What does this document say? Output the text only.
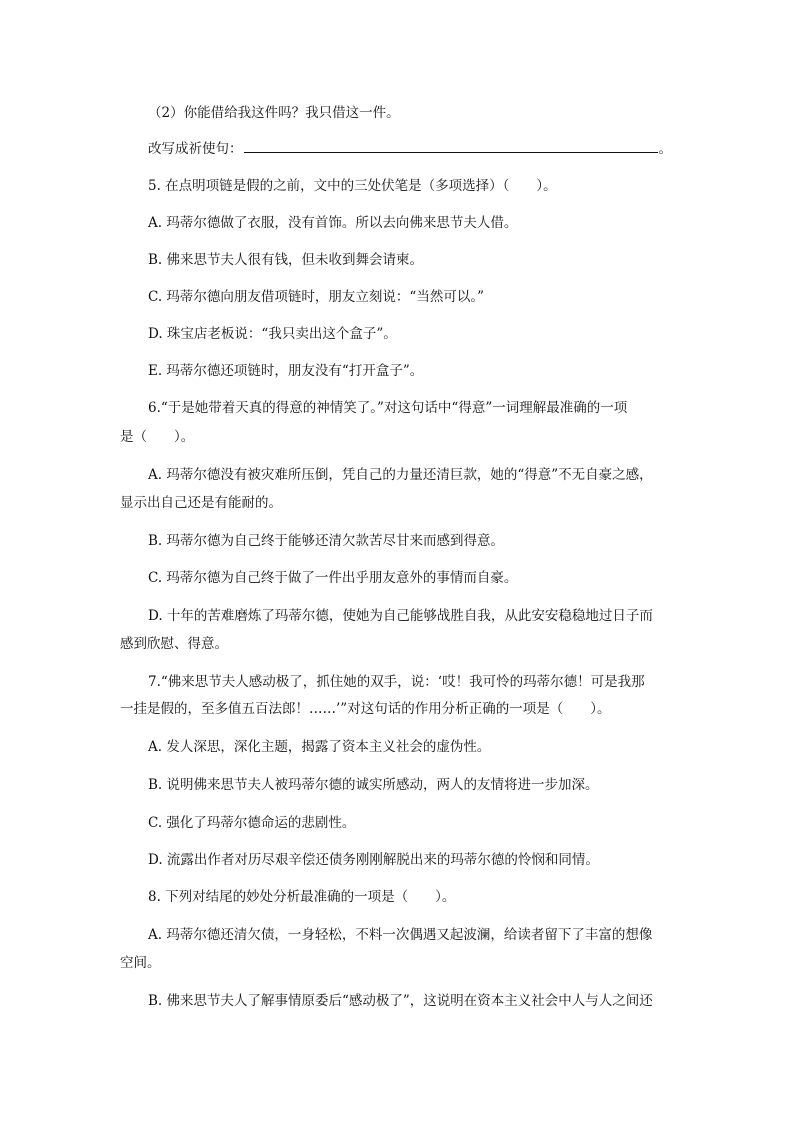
（2）你能借给我这件吗？我只借这一件。
改写成祈使句：	。
5. 在点明项链是假的之前，文中的三处伏笔是（多项选择）（　　）。
A. 玛蒂尔德做了衣服，没有首饰。所以去向佛来思节夫人借。
B. 佛来思节夫人很有钱，但未收到舞会请柬。
C. 玛蒂尔德向朋友借项链时，朋友立刻说：“当然可以。”
D. 珠宝店老板说：“我只卖出这个盒子”。
E. 玛蒂尔德还项链时，朋友没有“打开盒子”。
6.“于是她带着天真的得意的神情笑了。”对这句话中“得意”一词理解最准确的一项
是（　　）。
A. 玛蒂尔德没有被灾难所压倒，凭自己的力量还清巨款，她的“得意”不无自豪之感，
显示出自己还是有能耐的。
B. 玛蒂尔德为自己终于能够还清欠款苦尽甘来而感到得意。
C. 玛蒂尔德为自己终于做了一件出乎朋友意外的事情而自豪。
D. 十年的苦难磨炼了玛蒂尔德，使她为自己能够战胜自我，从此安安稳稳地过日子而
感到欣慰、得意。
7.“佛来思节夫人感动极了，抓住她的双手，说：‘哎！我可怜的玛蒂尔德！可是我那
一挂是假的，至多值五百法郎！……’”对这句话的作用分析正确的一项是（　　）。
A. 发人深思，深化主题，揭露了资本主义社会的虚伪性。
B. 说明佛来思节夫人被玛蒂尔德的诚实所感动，两人的友情将进一步加深。
C. 强化了玛蒂尔德命运的悲剧性。
D. 流露出作者对历尽艰辛偿还债务刚刚解脱出来的玛蒂尔德的怜悯和同情。
8. 下列对结尾的妙处分析最准确的一项是（　　）。
A. 玛蒂尔德还清欠债，一身轻松，不料一次偶遇又起波澜，给读者留下了丰富的想像
空间。
B. 佛来思节夫人了解事情原委后“感动极了”，这说明在资本主义社会中人与人之间还
